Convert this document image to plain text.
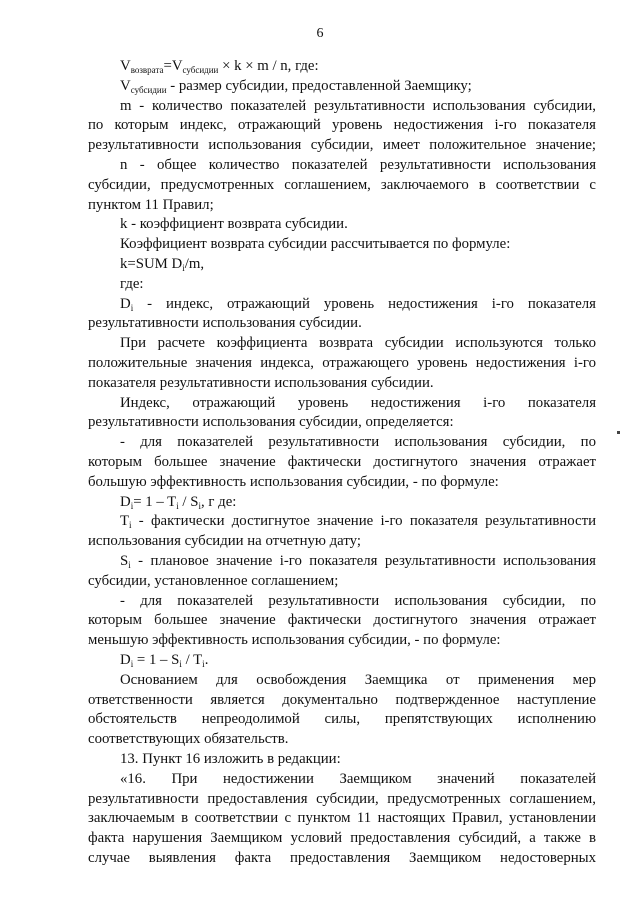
6
$V_{возврата}=V_{субсидии} \times k \times m / n$, где:
$V_{субсидии}$ - размер субсидии, предоставленной Заемщику;
m - количество показателей результативности использования субсидии,
по которым индекс, отражающий уровень недостижения i-го показателя
результативности использования субсидии, имеет положительное значение;
n - общее количество показателей результативности использования
субсидии, предусмотренных соглашением, заключаемого в соответствии с
пунктом 11 Правил;
k - коэффициент возврата субсидии.
Коэффициент возврата субсидии рассчитывается по формуле:
k=SUM $D_i/m$,
где:
$D_i$ - индекс, отражающий уровень недостижения i-го показателя
результативности использования субсидии.
При расчете коэффициента возврата субсидии используются только
положительные значения индекса, отражающего уровень недостижения i-го
показателя результативности использования субсидии.
Индекс, отражающий уровень недостижения i-го показателя
результативности использования субсидии, определяется:
- для показателей результативности использования субсидии, по
которым большее значение фактически достигнутого значения отражает
большую эффективность использования субсидии, - по формуле:
$D_i= 1 - T_i / S_i$, г де:
$T_i$ - фактически достигнутое значение i-го показателя результативности
использования субсидии на отчетную дату;
$S_i$ - плановое значение i-го показателя результативности использования
субсидии, установленное соглашением;
- для показателей результативности использования субсидии, по
которым большее значение фактически достигнутого значения отражает
меньшую эффективность использования субсидии, - по формуле:
$D_i = 1 - S_i / T_i$.
Основанием для освобождения Заемщика от применения мер
ответственности является документально подтвержденное наступление
обстоятельств непреодолимой силы, препятствующих исполнению
соответствующих обязательств.
13. Пункт 16 изложить в редакции:
«16. При недостижении Заемщиком значений показателей
результативности предоставления субсидии, предусмотренных соглашением,
заключаемым в соответствии с пунктом 11 настоящих Правил, установлении
факта нарушения Заемщиком условий предоставления субсидий, а также в
случае выявления факта предоставления Заемщиком недостоверных
